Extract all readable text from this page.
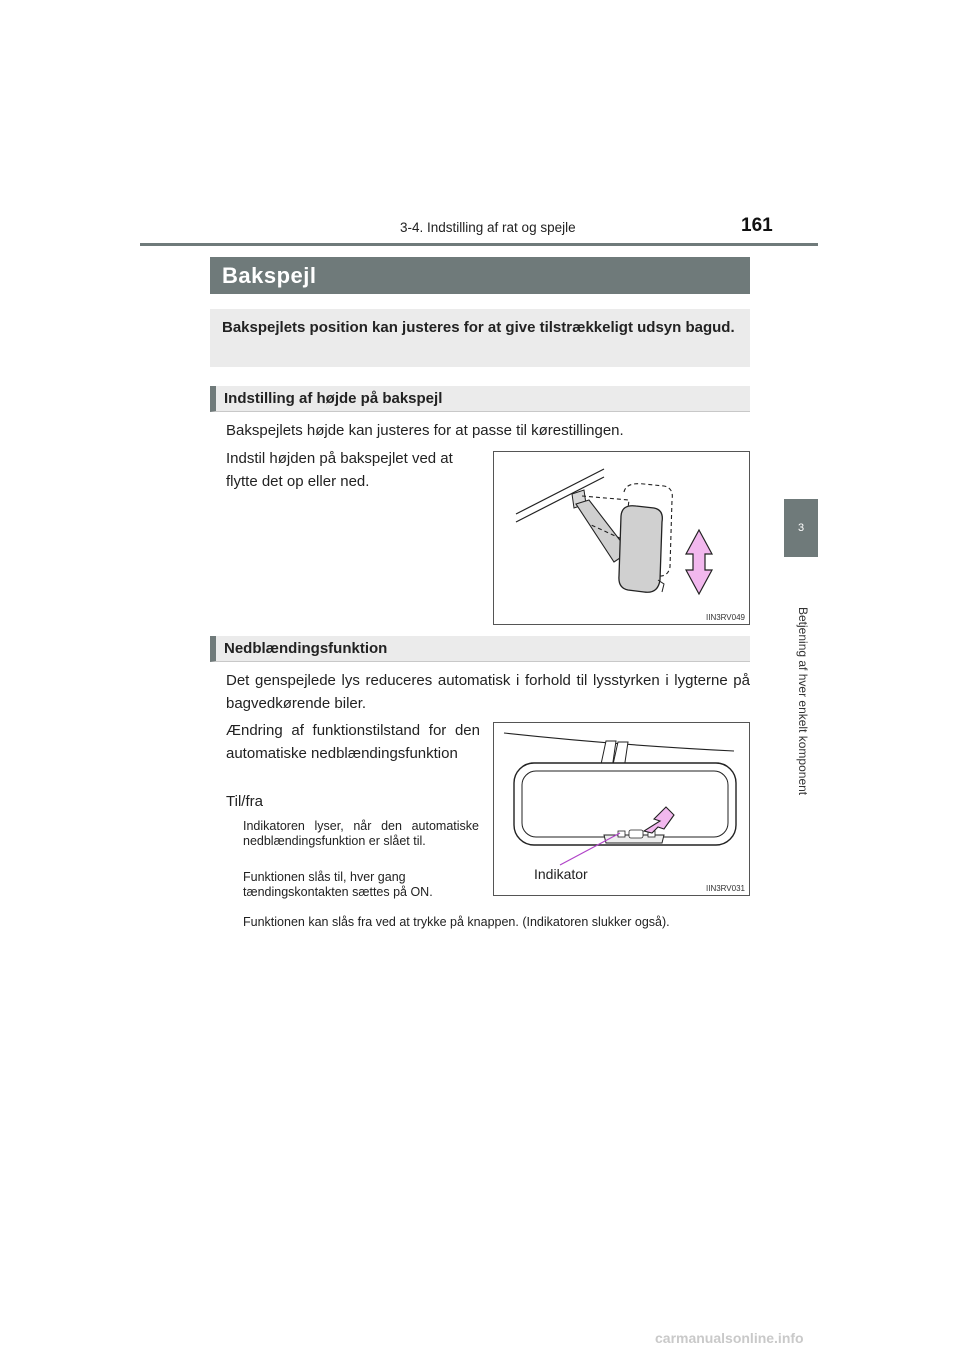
3-4. Indstilling af rat og spejle	161
3
Betjening af hver enkelt komponent
Bakspejl
Bakspejlets position kan justeres for at give tilstrækkeligt udsyn bagud.
Indstilling af højde på bakspejl
Bakspejlets højde kan justeres for at passe til kørestillingen.
Indstil højden på bakspejlet ved at flytte det op eller ned.
IIN3RV049
Nedblændingsfunktion
Det genspejlede lys reduceres automatisk i forhold til lysstyrken i lygterne på bagvedkørende biler.
Ændring af funktionstilstand for den automatiske nedblændingsfunktion
Til/fra
Indikatoren lyser, når den automatiske nedblændingsfunktion er slået til.
Funktionen slås til, hver gang tændingskontakten sættes på ON.
Funktionen kan slås fra ved at trykke på knappen. (Indikatoren slukker også).
Indikator
IIN3RV031
carmanualsonline.info
